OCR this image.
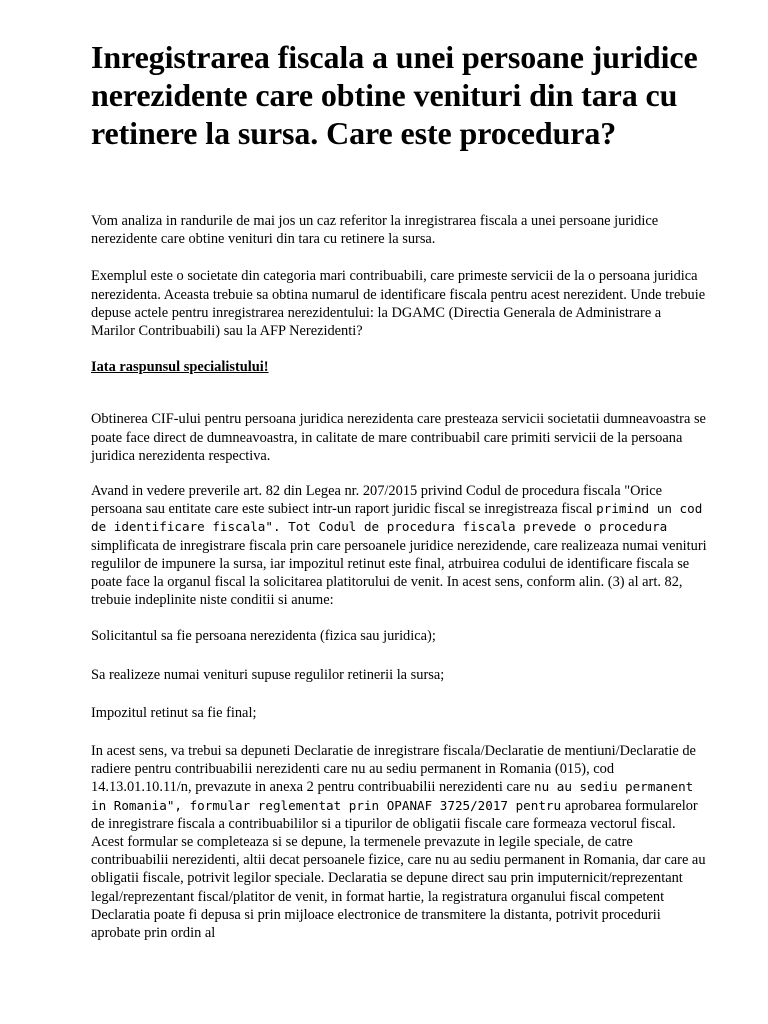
Inregistrarea fiscala a unei persoane juridice nerezidente care obtine venituri din tara cu retinere la sursa. Care este procedura?

Vom analiza in randurile de mai jos un caz referitor la inregistrarea fiscala a unei persoane juridice nerezidente care obtine venituri din tara cu retinere la sursa.

Exemplul este o societate din categoria mari contribuabili, care primeste servicii de la o persoana juridica nerezidenta. Aceasta trebuie sa obtina numarul de identificare fiscala pentru acest nerezident. Unde trebuie depuse actele pentru inregistrarea nerezidentului: la DGAMC (Directia Generala de Administrare a Marilor Contribuabili) sau la AFP Nerezidenti?

Iata raspunsul specialistului!

Obtinerea CIF-ului pentru persoana juridica nerezidenta care presteaza servicii societatii dumneavoastra se poate face direct de dumneavoastra, in calitate de mare contribuabil care primiti servicii de la persoana juridica nerezidenta respectiva.

Avand in vedere preverile art. 82 din Legea nr. 207/2015 privind Codul de procedura fiscala "Orice persoana sau entitate care este subiect intr-un raport juridic fiscal se inregistreaza fiscal primind un cod de identificare fiscala". Tot Codul de procedura fiscala prevede o procedura simplificata de inregistrare fiscala prin care persoanele juridice nerezidende, care realizeaza numai venituri regulilor de impunere la sursa, iar impozitul retinut este final, atrbuirea codului de identificare fiscala se poate face la organul fiscal la solicitarea platitorului de venit. In acest sens, conform alin. (3) al art. 82, trebuie indeplinite niste conditii si anume:

Solicitantul sa fie persoana nerezidenta (fizica sau juridica);

Sa realizeze numai venituri supuse regulilor retinerii la sursa;

Impozitul retinut sa fie final;

In acest sens, va trebui sa depuneti Declaratie de inregistrare fiscala/Declaratie de mentiuni/Declaratie de radiere pentru contribuabilii nerezidenti care nu au sediu permanent in Romania (015), cod 14.13.01.10.11/n, prevazute in anexa 2 pentru contribuabilii nerezidenti care nu au sediu permanent in Romania", formular reglementat prin OPANAF 3725/2017 pentru aprobarea formularelor de inregistrare fiscala a contribuabililor si a tipurilor de obligatii fiscale care formeaza vectorul fiscal. Acest formular se completeaza si se depune, la termenele prevazute in legile speciale, de catre contribuabilii nerezidenti, altii decat persoanele fizice, care nu au sediu permanent in Romania, dar care au obligatii fiscale, potrivit legilor speciale. Declaratia se depune direct sau prin imputernicit/reprezentant legal/reprezentant fiscal/platitor de venit, in format hartie, la registratura organului fiscal competent Declaratia poate fi depusa si prin mijloace electronice de transmitere la distanta, potrivit procedurii aprobate prin ordin al
